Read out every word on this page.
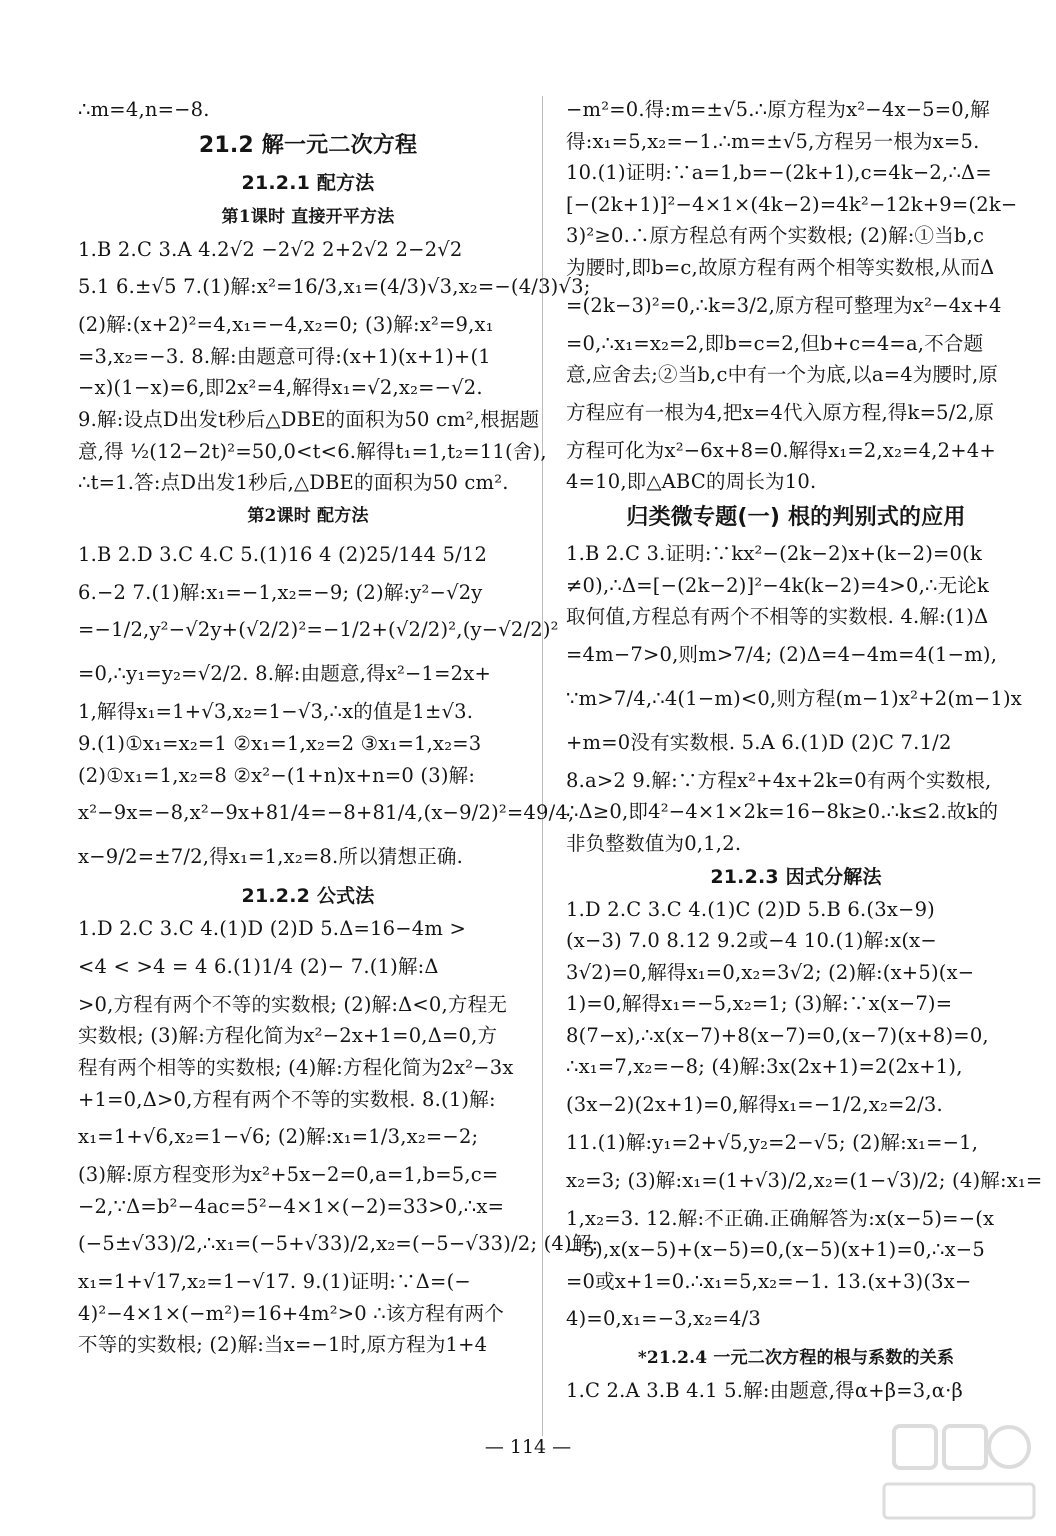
∴m=4,n=−8.
21.2 解一元二次方程
21.2.1 配方法
第1课时 直接开平方法
1.B 2.C 3.A 4.2√2 −2√2 2+2√2 2−2√2
5.1 6.±√5 7.(1)解:x²=16/3,x₁=(4/3)√3,x₂=−(4/3)√3;
(2)解:(x+2)²=4,x₁=−4,x₂=0; (3)解:x²=9,x₁
=3,x₂=−3. 8.解:由题意可得:(x+1)(x+1)+(1
−x)(1−x)=6,即2x²=4,解得x₁=√2,x₂=−√2.
9.解:设点D出发t秒后△DBE的面积为50 cm²,根据题
意,得 ½(12−2t)²=50,0<t<6.解得t₁=1,t₂=11(舍),
∴t=1.答:点D出发1秒后,△DBE的面积为50 cm².
第2课时 配方法
1.B 2.D 3.C 4.C 5.(1)16 4 (2)25/144 5/12
6.−2 7.(1)解:x₁=−1,x₂=−9; (2)解:y²−√2y
=−1/2,y²−√2y+(√2/2)²=−1/2+(√2/2)²,(y−√2/2)²
=0,∴y₁=y₂=√2/2. 8.解:由题意,得x²−1=2x+
1,解得x₁=1+√3,x₂=1−√3,∴x的值是1±√3.
9.(1)①x₁=x₂=1 ②x₁=1,x₂=2 ③x₁=1,x₂=3
(2)①x₁=1,x₂=8 ②x²−(1+n)x+n=0 (3)解:
x²−9x=−8,x²−9x+81/4=−8+81/4,(x−9/2)²=49/4,
x−9/2=±7/2,得x₁=1,x₂=8.所以猜想正确.
21.2.2 公式法
1.D 2.C 3.C 4.(1)D (2)D 5.Δ=16−4m >
<4 < >4 = 4 6.(1)1/4 (2)− 7.(1)解:Δ
>0,方程有两个不等的实数根; (2)解:Δ<0,方程无
实数根; (3)解:方程化简为x²−2x+1=0,Δ=0,方
程有两个相等的实数根; (4)解:方程化简为2x²−3x
+1=0,Δ>0,方程有两个不等的实数根. 8.(1)解:
x₁=1+√6,x₂=1−√6; (2)解:x₁=1/3,x₂=−2;
(3)解:原方程变形为x²+5x−2=0,a=1,b=5,c=
−2,∵Δ=b²−4ac=5²−4×1×(−2)=33>0,∴x=
(−5±√33)/2,∴x₁=(−5+√33)/2,x₂=(−5−√33)/2; (4)解:
x₁=1+√17,x₂=1−√17. 9.(1)证明:∵Δ=(−
4)²−4×1×(−m²)=16+4m²>0 ∴该方程有两个
不等的实数根; (2)解:当x=−1时,原方程为1+4
−m²=0.得:m=±√5.∴原方程为x²−4x−5=0,解
得:x₁=5,x₂=−1.∴m=±√5,方程另一根为x=5.
10.(1)证明:∵a=1,b=−(2k+1),c=4k−2,∴Δ=
[−(2k+1)]²−4×1×(4k−2)=4k²−12k+9=(2k−
3)²≥0.∴原方程总有两个实数根; (2)解:①当b,c
为腰时,即b=c,故原方程有两个相等实数根,从而Δ
=(2k−3)²=0,∴k=3/2,原方程可整理为x²−4x+4
=0,∴x₁=x₂=2,即b=c=2,但b+c=4=a,不合题
意,应舍去;②当b,c中有一个为底,以a=4为腰时,原
方程应有一根为4,把x=4代入原方程,得k=5/2,原
方程可化为x²−6x+8=0.解得x₁=2,x₂=4,2+4+
4=10,即△ABC的周长为10.
归类微专题(一) 根的判别式的应用
1.B 2.C 3.证明:∵kx²−(2k−2)x+(k−2)=0(k
≠0),∴Δ=[−(2k−2)]²−4k(k−2)=4>0,∴无论k
取何值,方程总有两个不相等的实数根. 4.解:(1)Δ
=4m−7>0,则m>7/4; (2)Δ=4−4m=4(1−m),
∵m>7/4,∴4(1−m)<0,则方程(m−1)x²+2(m−1)x
+m=0没有实数根. 5.A 6.(1)D (2)C 7.1/2
8.a>2 9.解:∵方程x²+4x+2k=0有两个实数根,
∴Δ≥0,即4²−4×1×2k=16−8k≥0.∴k≤2.故k的
非负整数值为0,1,2.
21.2.3 因式分解法
1.D 2.C 3.C 4.(1)C (2)D 5.B 6.(3x−9)
(x−3) 7.0 8.12 9.2或−4 10.(1)解:x(x−
3√2)=0,解得x₁=0,x₂=3√2; (2)解:(x+5)(x−
1)=0,解得x₁=−5,x₂=1; (3)解:∵x(x−7)=
8(7−x),∴x(x−7)+8(x−7)=0,(x−7)(x+8)=0,
∴x₁=7,x₂=−8; (4)解:3x(2x+1)=2(2x+1),
(3x−2)(2x+1)=0,解得x₁=−1/2,x₂=2/3.
11.(1)解:y₁=2+√5,y₂=2−√5; (2)解:x₁=−1,
x₂=3; (3)解:x₁=(1+√3)/2,x₂=(1−√3)/2; (4)解:x₁=
1,x₂=3. 12.解:不正确.正确解答为:x(x−5)=−(x
−5),x(x−5)+(x−5)=0,(x−5)(x+1)=0,∴x−5
=0或x+1=0.∴x₁=5,x₂=−1. 13.(x+3)(3x−
4)=0,x₁=−3,x₂=4/3
*21.2.4 一元二次方程的根与系数的关系
1.C 2.A 3.B 4.1 5.解:由题意,得α+β=3,α·β
— 114 —
